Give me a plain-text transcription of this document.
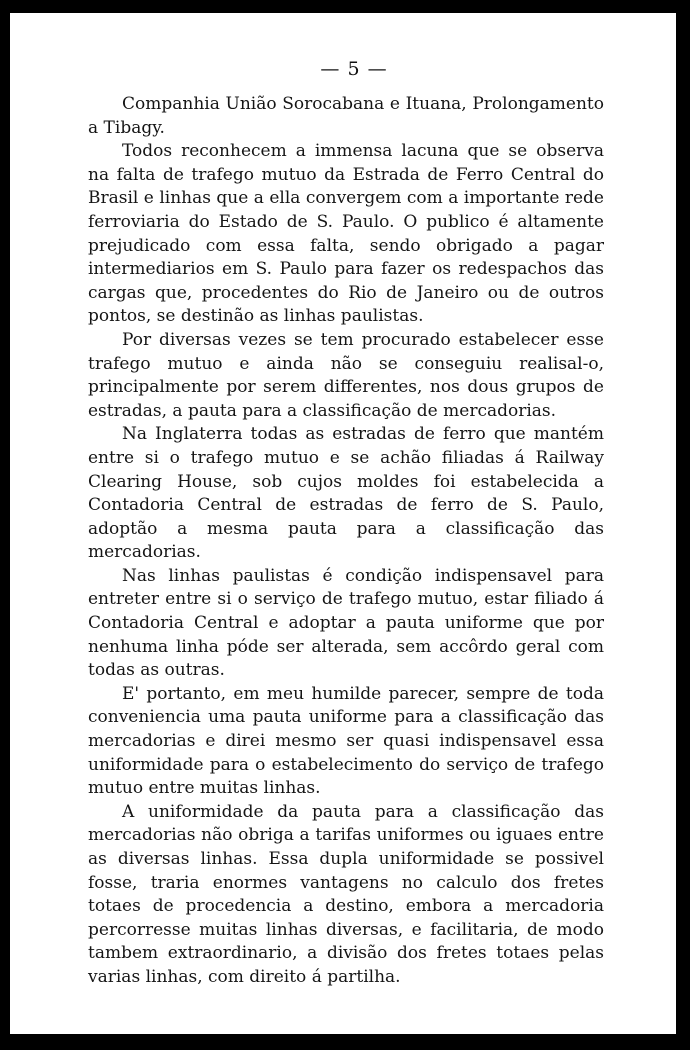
— 5 —

Companhia União Sorocabana e Ituana, Prolongamento a Tibagy.

Todos reconhecem a immensa lacuna que se observa na falta de trafego mutuo da Estrada de Ferro Central do Brasil e linhas que a ella convergem com a importante rede ferroviaria do Estado de S. Paulo. O publico é altamente prejudicado com essa falta, sendo obrigado a pagar intermediarios em S. Paulo para fazer os redespachos das cargas que, procedentes do Rio de Janeiro ou de outros pontos, se destinão as linhas paulistas.

Por diversas vezes se tem procurado estabelecer esse trafego mutuo e ainda não se conseguiu realisal-o, principalmente por serem differentes, nos dous grupos de estradas, a pauta para a classificação de mercadorias.

Na Inglaterra todas as estradas de ferro que mantém entre si o trafego mutuo e se achão filiadas á Railway Clearing House, sob cujos moldes foi estabelecida a Contadoria Central de estradas de ferro de S. Paulo, adoptão a mesma pauta para a classificação das mercadorias.

Nas linhas paulistas é condição indispensavel para entreter entre si o serviço de trafego mutuo, estar filiado á Contadoria Central e adoptar a pauta uniforme que por nenhuma linha póde ser alterada, sem accôrdo geral com todas as outras.

E' portanto, em meu humilde parecer, sempre de toda conveniencia uma pauta uniforme para a classificação das mercadorias e direi mesmo ser quasi indispensavel essa uniformidade para o estabelecimento do serviço de trafego mutuo entre muitas linhas.

A uniformidade da pauta para a classificação das mercadorias não obriga a tarifas uniformes ou iguaes entre as diversas linhas. Essa dupla uniformidade se possivel fosse, traria enormes vantagens no calculo dos fretes totaes de procedencia a destino, embora a mercadoria percorresse muitas linhas diversas, e facilitaria, de modo tambem extraordinario, a divisão dos fretes totaes pelas varias linhas, com direito á partilha.
